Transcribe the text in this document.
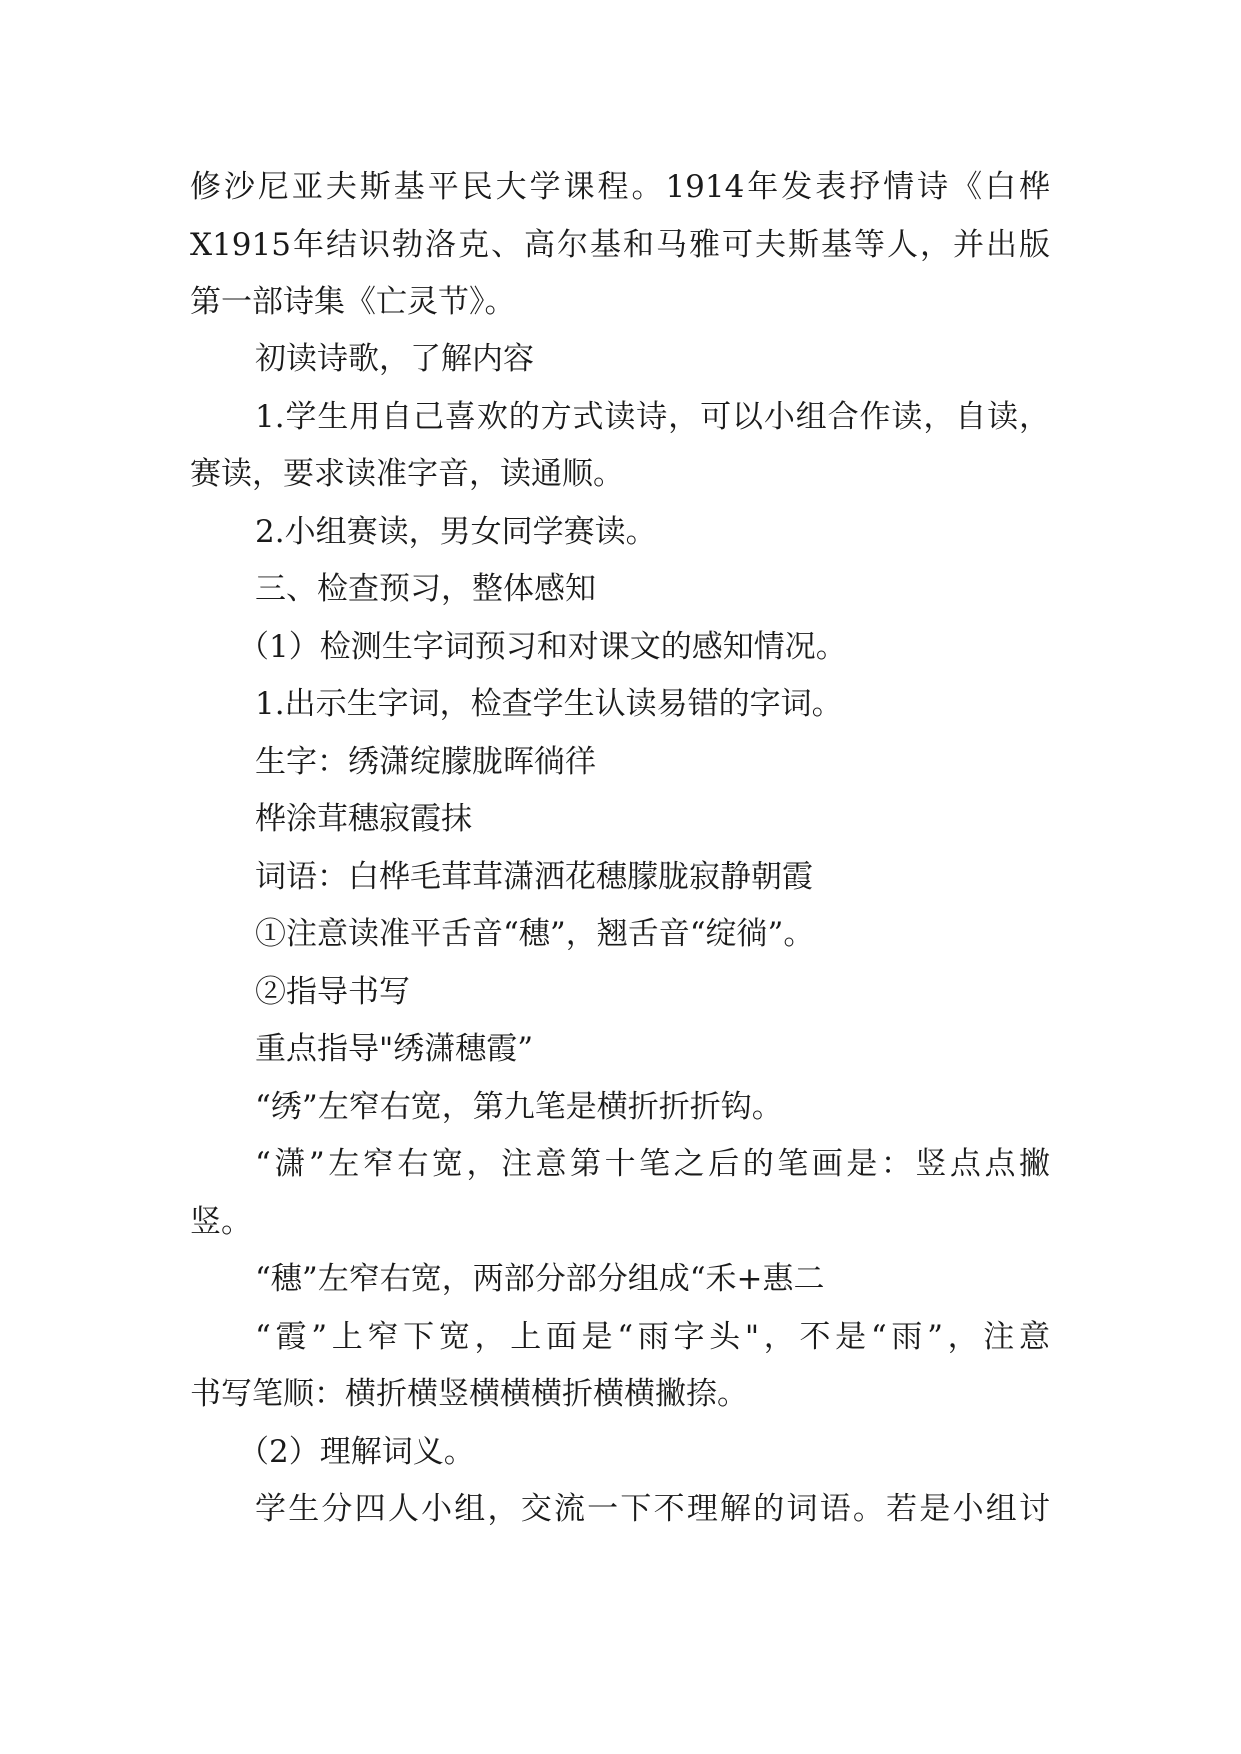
修沙尼亚夫斯基平民大学课程。1914年发表抒情诗《白桦
X1915年结识勃洛克、高尔基和马雅可夫斯基等人，并出版
第一部诗集《亡灵节》。
初读诗歌，了解内容
1.学生用自己喜欢的方式读诗，可以小组合作读，自读，
赛读，要求读准字音，读通顺。
2.小组赛读，男女同学赛读。
三、检查预习，整体感知
（1）检测生字词预习和对课文的感知情况。
1.出示生字词，检查学生认读易错的字词。
生字：绣潇绽朦胧晖徜徉
桦涂茸穗寂霞抹
词语：白桦毛茸茸潇洒花穗朦胧寂静朝霞
①注意读准平舌音“穗”，翘舌音“绽徜”。
②指导书写
重点指导"绣潇穗霞”
“绣”左窄右宽，第九笔是横折折折钩。
“潇”左窄右宽，注意第十笔之后的笔画是：竖点点撇
竖。
“穗”左窄右宽，两部分部分组成“禾+惠二
“霞”上窄下宽，上面是“雨字头"，不是“雨”，注意
书写笔顺：横折横竖横横横折横横撇捺。
（2）理解词义。
学生分四人小组，交流一下不理解的词语。若是小组讨
